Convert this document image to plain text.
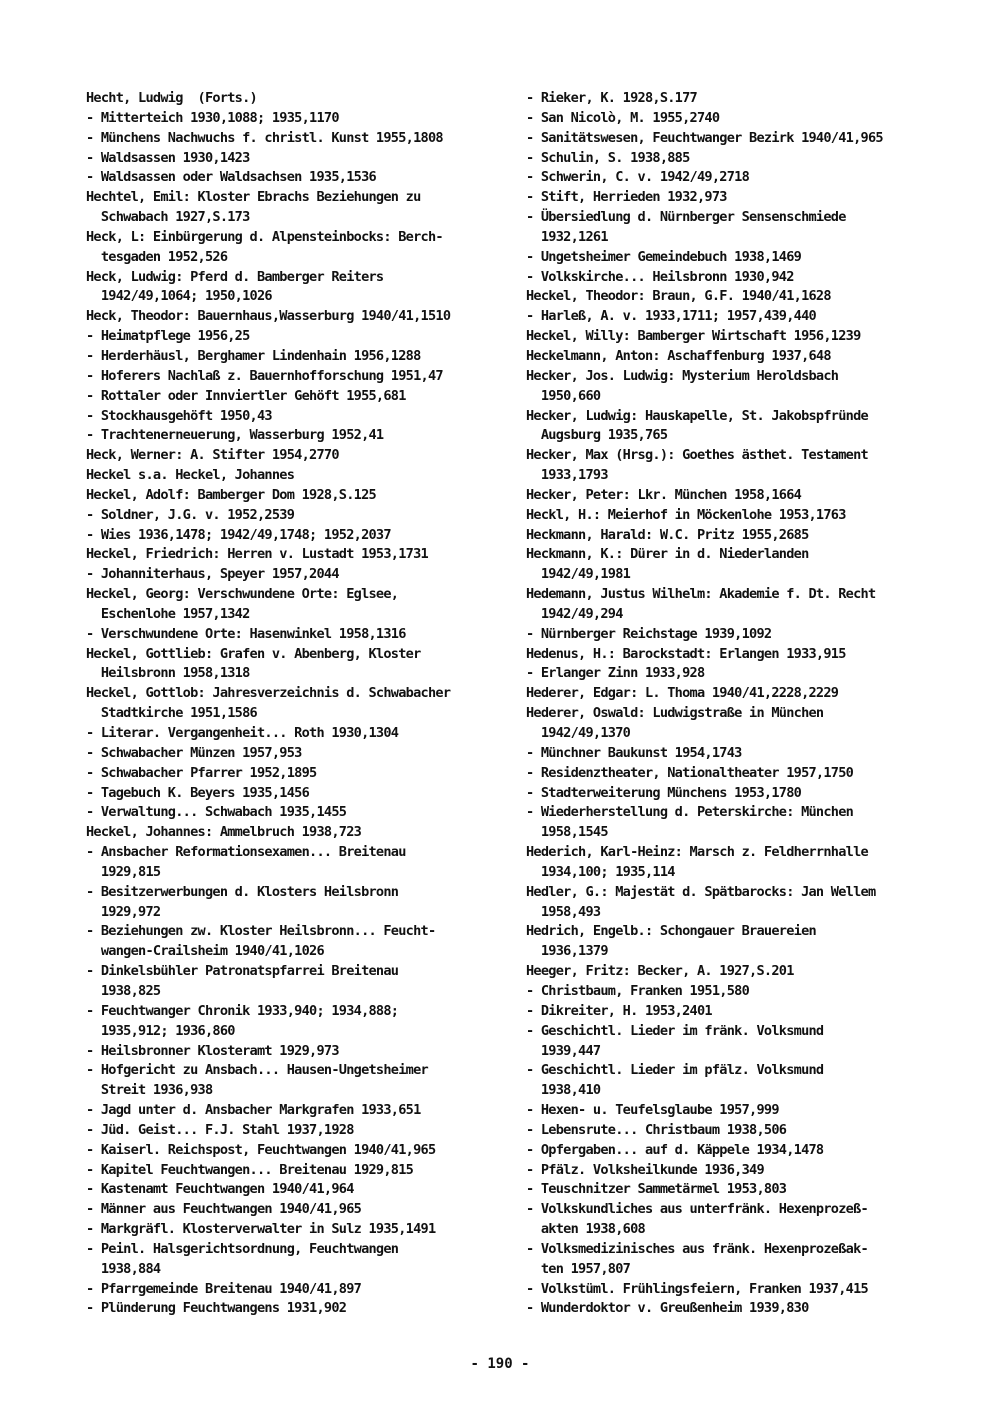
Hecht, Ludwig  (Forts.)
- Mitterteich 1930,1088; 1935,1170
- Münchens Nachwuchs f. christl. Kunst 1955,1808
- Waldsassen 1930,1423
- Waldsassen oder Waldsachsen 1935,1536
Hechtel, Emil: Kloster Ebrachs Beziehungen zu
Schwabach 1927,S.173
Heck, L: Einbürgerung d. Alpensteinbocks: Berch-
tesgaden 1952,526
Heck, Ludwig: Pferd d. Bamberger Reiters
1942/49,1064; 1950,1026
Heck, Theodor: Bauernhaus,Wasserburg 1940/41,1510
- Heimatpflege 1956,25
- Herderhäusl, Berghamer Lindenhain 1956,1288
- Hoferers Nachlaß z. Bauernhofforschung 1951,47
- Rottaler oder Innviertler Gehöft 1955,681
- Stockhausgehöft 1950,43
- Trachtenerneuerung, Wasserburg 1952,41
Heck, Werner: A. Stifter 1954,2770
Heckel s.a. Heckel, Johannes
Heckel, Adolf: Bamberger Dom 1928,S.125
- Soldner, J.G. v. 1952,2539
- Wies 1936,1478; 1942/49,1748; 1952,2037
Heckel, Friedrich: Herren v. Lustadt 1953,1731
- Johanniterhaus, Speyer 1957,2044
Heckel, Georg: Verschwundene Orte: Eglsee,
Eschenlohe 1957,1342
- Verschwundene Orte: Hasenwinkel 1958,1316
Heckel, Gottlieb: Grafen v. Abenberg, Kloster
Heilsbronn 1958,1318
Heckel, Gottlob: Jahresverzeichnis d. Schwabacher
Stadtkirche 1951,1586
- Literar. Vergangenheit... Roth 1930,1304
- Schwabacher Münzen 1957,953
- Schwabacher Pfarrer 1952,1895
- Tagebuch K. Beyers 1935,1456
- Verwaltung... Schwabach 1935,1455
Heckel, Johannes: Ammelbruch 1938,723
- Ansbacher Reformationsexamen... Breitenau
1929,815
- Besitzerwerbungen d. Klosters Heilsbronn
1929,972
- Beziehungen zw. Kloster Heilsbronn... Feucht-
wangen-Crailsheim 1940/41,1026
- Dinkelsbühler Patronatspfarrei Breitenau
1938,825
- Feuchtwanger Chronik 1933,940; 1934,888;
1935,912; 1936,860
- Heilsbronner Klosteramt 1929,973
- Hofgericht zu Ansbach... Hausen-Ungetsheimer
Streit 1936,938
- Jagd unter d. Ansbacher Markgrafen 1933,651
- Jüd. Geist... F.J. Stahl 1937,1928
- Kaiserl. Reichspost, Feuchtwangen 1940/41,965
- Kapitel Feuchtwangen... Breitenau 1929,815
- Kastenamt Feuchtwangen 1940/41,964
- Männer aus Feuchtwangen 1940/41,965
- Markgräfl. Klosterverwalter in Sulz 1935,1491
- Peinl. Halsgerichtsordnung, Feuchtwangen
1938,884
- Pfarrgemeinde Breitenau 1940/41,897
- Plünderung Feuchtwangens 1931,902
- Rieker, K. 1928,S.177
- San Nicolò, M. 1955,2740
- Sanitätswesen, Feuchtwanger Bezirk 1940/41,965
- Schulin, S. 1938,885
- Schwerin, C. v. 1942/49,2718
- Stift, Herrieden 1932,973
- Übersiedlung d. Nürnberger Sensenschmiede
1932,1261
- Ungetsheimer Gemeindebuch 1938,1469
- Volkskirche... Heilsbronn 1930,942
Heckel, Theodor: Braun, G.F. 1940/41,1628
- Harleß, A. v. 1933,1711; 1957,439,440
Heckel, Willy: Bamberger Wirtschaft 1956,1239
Heckelmann, Anton: Aschaffenburg 1937,648
Hecker, Jos. Ludwig: Mysterium Heroldsbach
1950,660
Hecker, Ludwig: Hauskapelle, St. Jakobspfründe
Augsburg 1935,765
Hecker, Max (Hrsg.): Goethes ästhet. Testament
1933,1793
Hecker, Peter: Lkr. München 1958,1664
Heckl, H.: Meierhof in Möckenlohe 1953,1763
Heckmann, Harald: W.C. Pritz 1955,2685
Heckmann, K.: Dürer in d. Niederlanden
1942/49,1981
Hedemann, Justus Wilhelm: Akademie f. Dt. Recht
1942/49,294
- Nürnberger Reichstage 1939,1092
Hedenus, H.: Barockstadt: Erlangen 1933,915
- Erlanger Zinn 1933,928
Hederer, Edgar: L. Thoma 1940/41,2228,2229
Hederer, Oswald: Ludwigstraße in München
1942/49,1370
- Münchner Baukunst 1954,1743
- Residenztheater, Nationaltheater 1957,1750
- Stadterweiterung Münchens 1953,1780
- Wiederherstellung d. Peterskirche: München
1958,1545
Hederich, Karl-Heinz: Marsch z. Feldherrnhalle
1934,100; 1935,114
Hedler, G.: Majestät d. Spätbarocks: Jan Wellem
1958,493
Hedrich, Engelb.: Schongauer Brauereien
1936,1379
Heeger, Fritz: Becker, A. 1927,S.201
- Christbaum, Franken 1951,580
- Dikreiter, H. 1953,2401
- Geschichtl. Lieder im fränk. Volksmund
1939,447
- Geschichtl. Lieder im pfälz. Volksmund
1938,410
- Hexen- u. Teufelsglaube 1957,999
- Lebensrute... Christbaum 1938,506
- Opfergaben... auf d. Käppele 1934,1478
- Pfälz. Volksheilkunde 1936,349
- Teuschnitzer Sammetärmel 1953,803
- Volkskundliches aus unterfränk. Hexenprozeß-
akten 1938,608
- Volksmedizinisches aus fränk. Hexenprozeßak-
ten 1957,807
- Volkstüml. Frühlingsfeiern, Franken 1937,415
- Wunderdoktor v. Greußenheim 1939,830
- 190 -
